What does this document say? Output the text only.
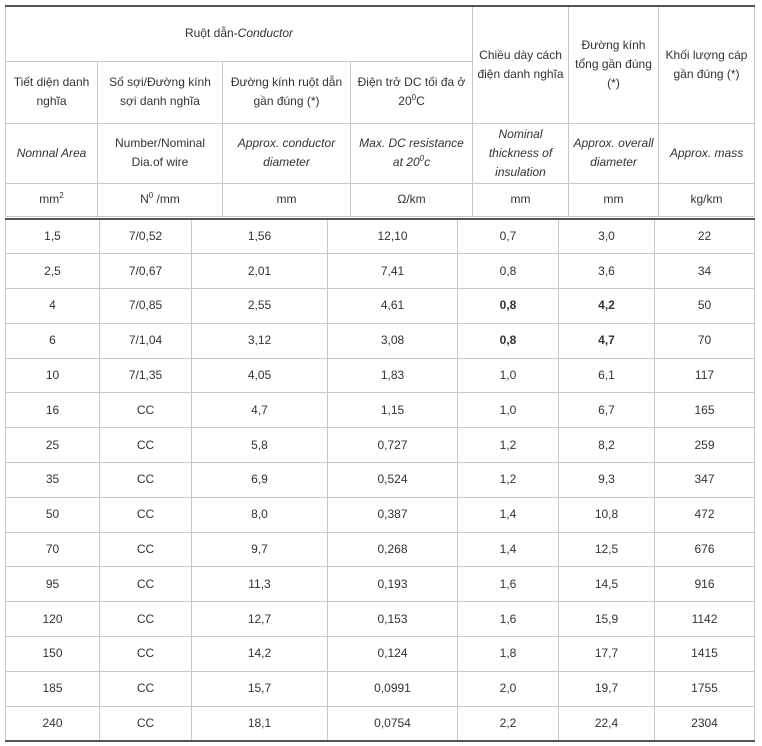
Ruột dẫn-Conductor				Chiều dày cách điện danh nghĩa	Đường kính tổng gần đúng (*)	Khối lượng cáp gần đúng (*)
Tiết diện danh nghĩa	Số sợi/Đường kính sợi danh nghĩa	Đường kính ruột dẫn gần đúng (*)	Điện trở DC tối đa ở $20^0C$			
Nomnal Area	Number/Nominal Dia.of wire	Approx. conductor diameter	Max. DC resistance at $20^0c$	Nominal thickness of insulation	Approx. overall diameter	Approx. mass
$mm^2$	$N^0$ /mm	mm	Ω/km	mm	mm	kg/km
1,5	7/0,52	1,56	12,10	0,7	3,0	22
2,5	7/0,67	2,01	7,41	0,8	3,6	34
4	7/0,85	2,55	4,61	0,8	4,2	50
6	7/1,04	3,12	3,08	0,8	4,7	70
10	7/1,35	4,05	1,83	1,0	6,1	117
16	CC	4,7	1,15	1,0	6,7	165
25	CC	5,8	0,727	1,2	8,2	259
35	CC	6,9	0,524	1,2	9,3	347
50	CC	8,0	0,387	1,4	10,8	472
70	CC	9,7	0,268	1,4	12,5	676
95	CC	11,3	0,193	1,6	14,5	916
120	CC	12,7	0,153	1,6	15,9	1142
150	CC	14,2	0,124	1,8	17,7	1415
185	CC	15,7	0,0991	2,0	19,7	1755
240	CC	18,1	0,0754	2,2	22,4	2304
